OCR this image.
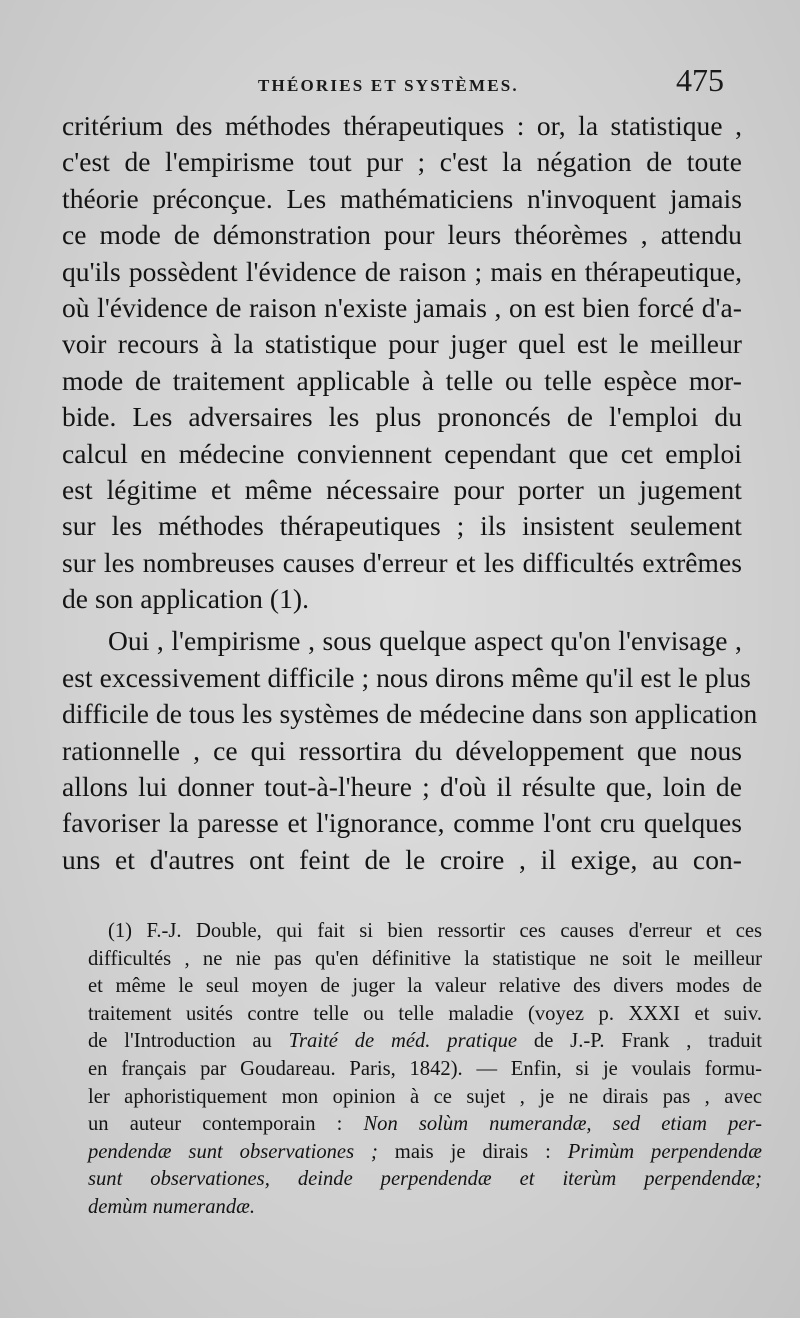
THÉORIES ET SYSTÈMES.	475
critérium des méthodes thérapeutiques : or, la statistique ,
c'est de l'empirisme tout pur ; c'est la négation de toute
théorie préconçue. Les mathématiciens n'invoquent jamais
ce mode de démonstration pour leurs théorèmes , attendu
qu'ils possèdent l'évidence de raison ; mais en thérapeutique,
où l'évidence de raison n'existe jamais , on est bien forcé d'a-
voir recours à la statistique pour juger quel est le meilleur
mode de traitement applicable à telle ou telle espèce mor-
bide. Les adversaires les plus prononcés de l'emploi du
calcul en médecine conviennent cependant que cet emploi
est légitime et même nécessaire pour porter un jugement
sur les méthodes thérapeutiques ; ils insistent seulement
sur les nombreuses causes d'erreur et les difficultés extrêmes
de son application (1).
Oui , l'empirisme , sous quelque aspect qu'on l'envisage ,
est excessivement difficile ; nous dirons même qu'il est le plus
difficile de tous les systèmes de médecine dans son application
rationnelle , ce qui ressortira du développement que nous
allons lui donner tout-à-l'heure ; d'où il résulte que, loin de
favoriser la paresse et l'ignorance, comme l'ont cru quelques
uns et d'autres ont feint de le croire , il exige, au con-
(1) F.-J. Double, qui fait si bien ressortir ces causes d'erreur et ces
difficultés , ne nie pas qu'en définitive la statistique ne soit le meilleur
et même le seul moyen de juger la valeur relative des divers modes de
traitement usités contre telle ou telle maladie (voyez p. XXXI et suiv.
de l'Introduction au Traité de méd. pratique de J.-P. Frank , traduit
en français par Goudareau. Paris, 1842). — Enfin, si je voulais formu-
ler aphoristiquement mon opinion à ce sujet , je ne dirais pas , avec
un auteur contemporain : Non solùm numerandæ, sed etiam per-
pendendæ sunt observationes ; mais je dirais : Primùm perpendendæ
sunt observationes, deinde perpendendæ et iterùm perpendendæ;
demùm numerandæ.
